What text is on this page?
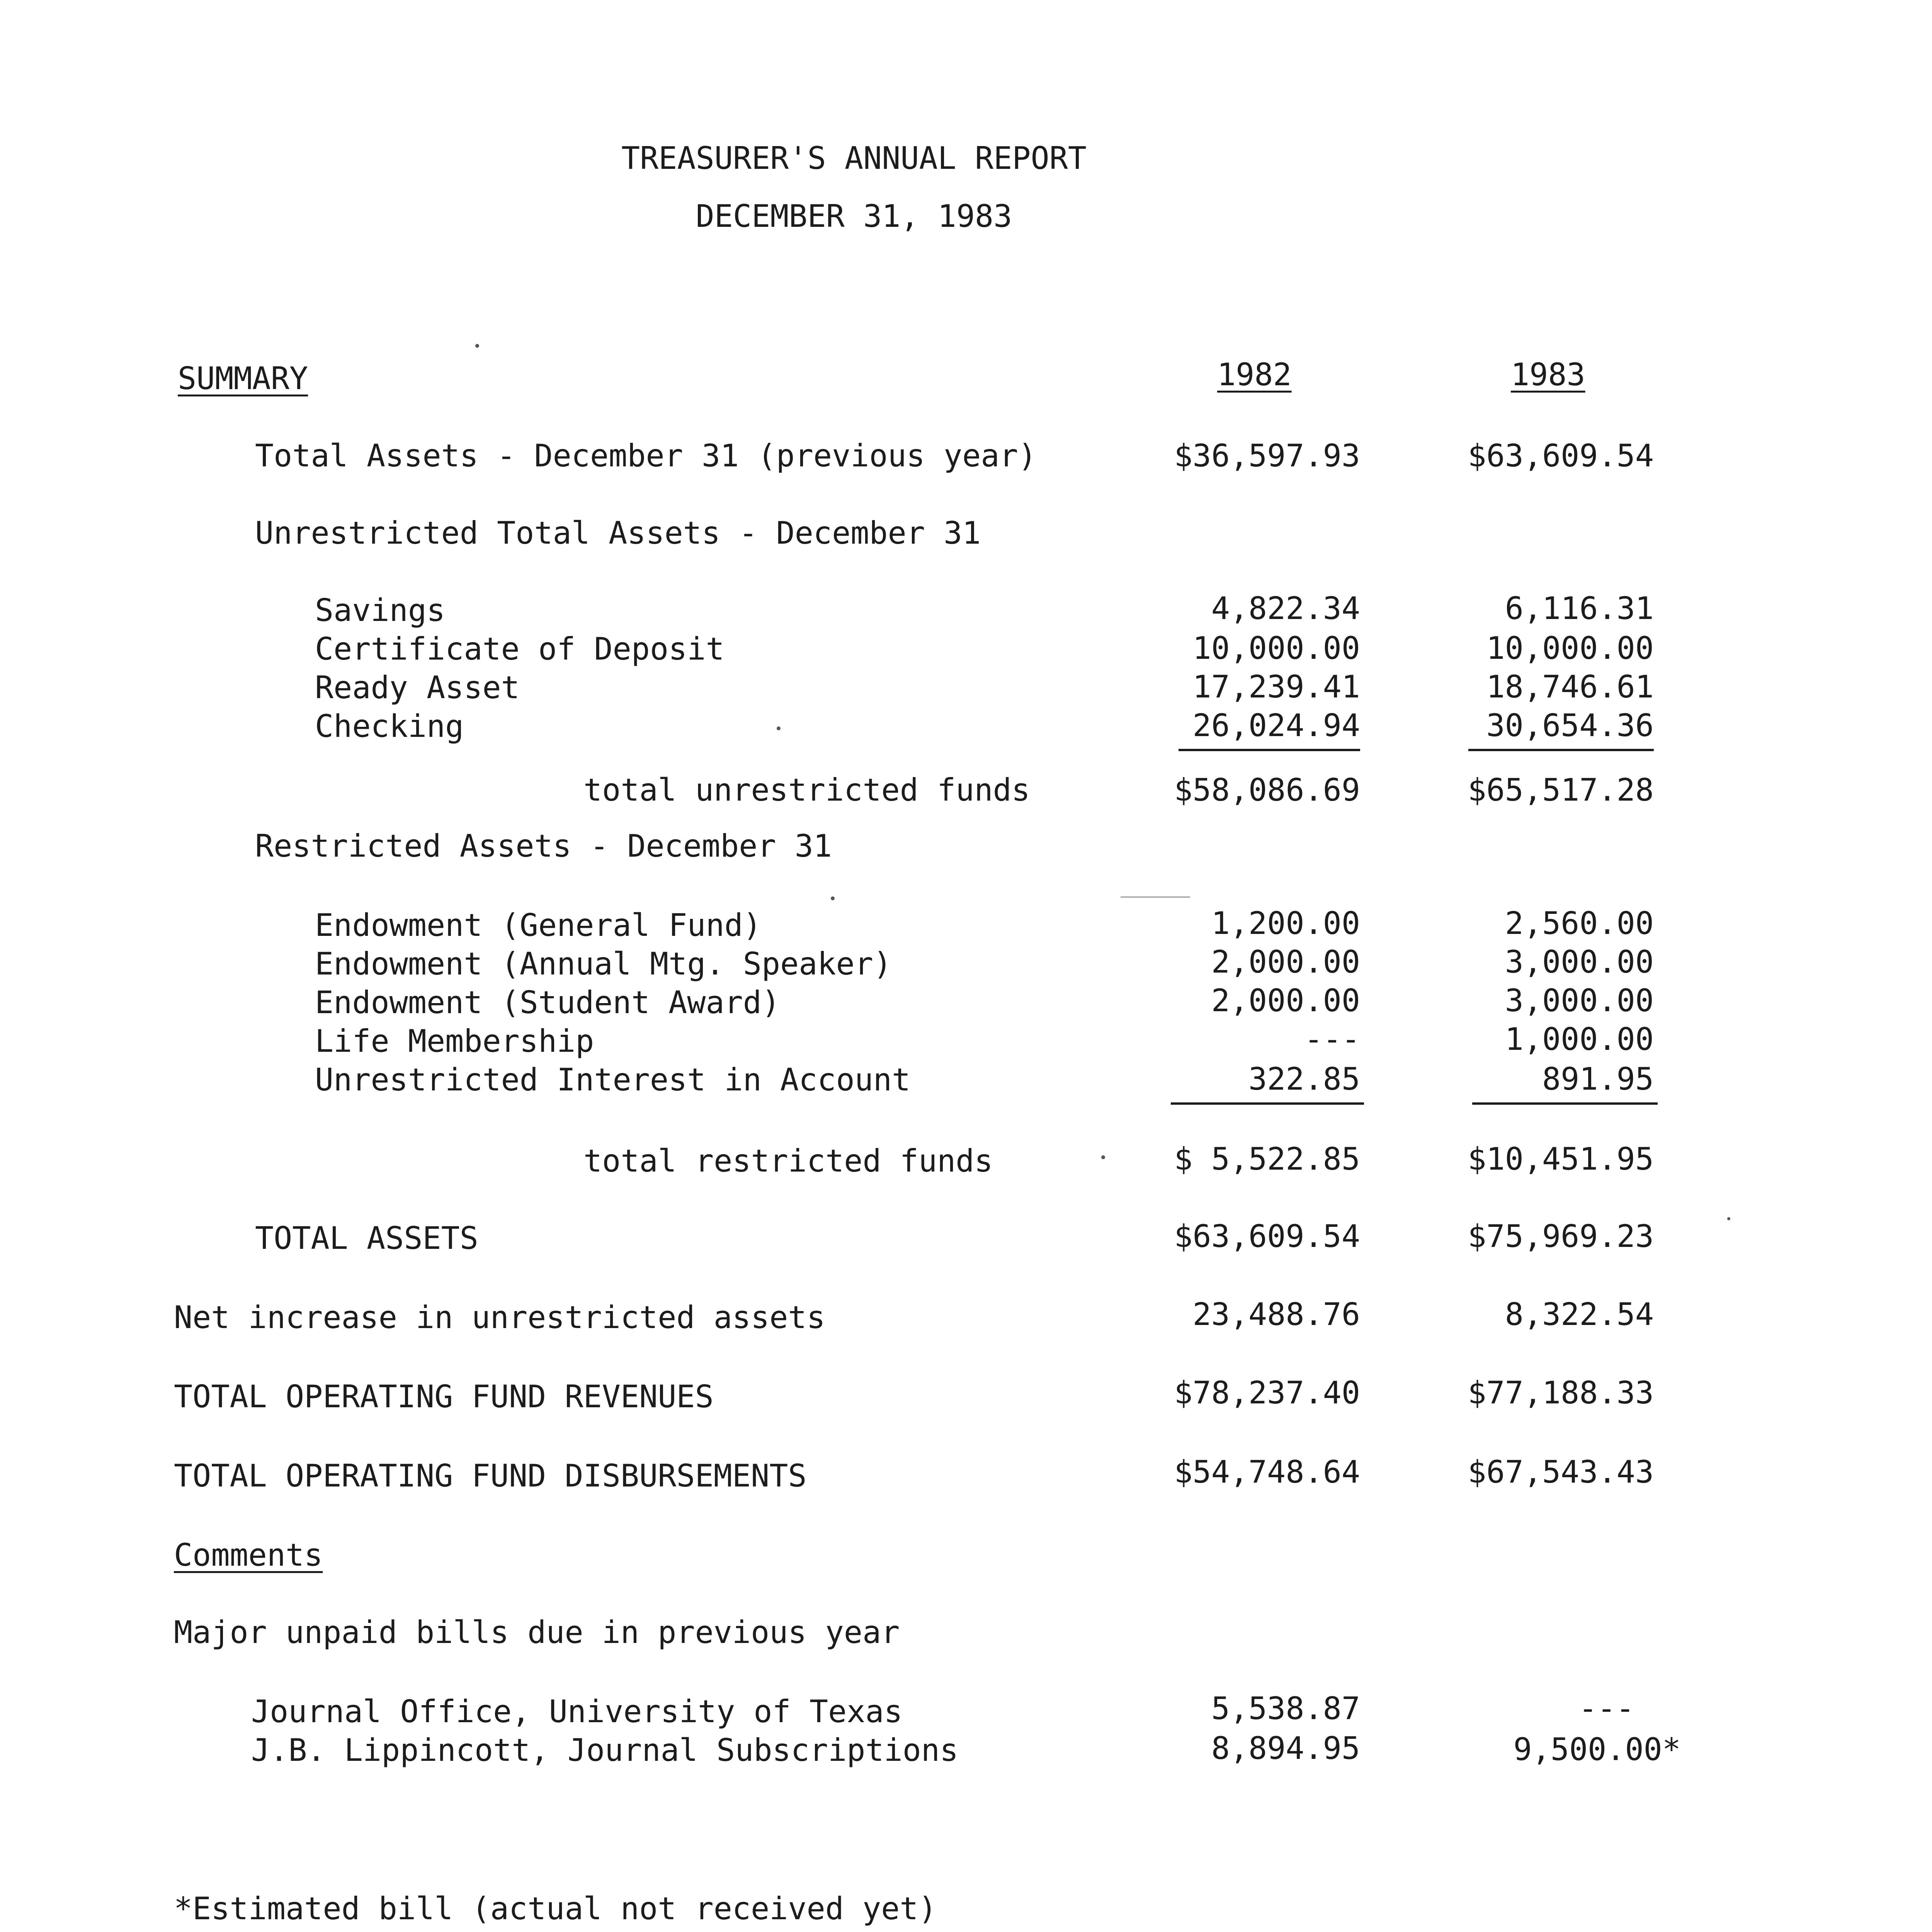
TREASURER'S ANNUAL REPORT
DECEMBER 31, 1983
SUMMARY	1982	1983
Total Assets - December 31 (previous year)	$36,597.93	$63,609.54
Unrestricted Total Assets - December 31
Savings	4,822.34	6,116.31
Certificate of Deposit	10,000.00	10,000.00
Ready Asset	17,239.41	18,746.61
Checking	26,024.94	30,654.36
total unrestricted funds	$58,086.69	$65,517.28
Restricted Assets - December 31
Endowment (General Fund)	1,200.00	2,560.00
Endowment (Annual Mtg. Speaker)	2,000.00	3,000.00
Endowment (Student Award)	2,000.00	3,000.00
Life Membership	---	1,000.00
Unrestricted Interest in Account	322.85	891.95
total restricted funds	$ 5,522.85	$10,451.95
TOTAL ASSETS	$63,609.54	$75,969.23
Net increase in unrestricted assets	23,488.76	8,322.54
TOTAL OPERATING FUND REVENUES	$78,237.40	$77,188.33
TOTAL OPERATING FUND DISBURSEMENTS	$54,748.64	$67,543.43
Comments
Major unpaid bills due in previous year
Journal Office, University of Texas	5,538.87	---
J.B. Lippincott, Journal Subscriptions	8,894.95	9,500.00*
*Estimated bill (actual not received yet)
